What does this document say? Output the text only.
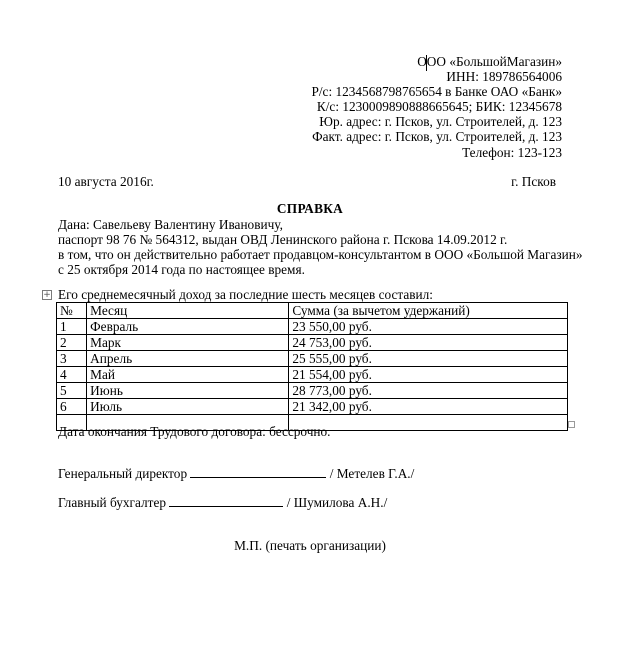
ООО «БольшойМагазин»
ИНН: 189786564006
Р/с: 1234568798765654 в Банке ОАО «Банк»
К/с: 1230009890888665645; БИК: 12345678
Юр. адрес: г. Псков, ул. Строителей, д. 123
Факт. адрес: г. Псков, ул. Строителей, д. 123
Телефон: 123-123
10 августа 2016г.	г. Псков
СПРАВКА
Дана: Савельеву Валентину Ивановичу,
паспорт 98 76 № 564312, выдан ОВД Ленинского района г. Пскова 14.09.2012 г.
в том, что он действительно работает продавцом-консультантом в ООО «Большой Магазин»
с 25 октября 2014 года по настоящее время.
+ Его среднемесячный доход за последние шесть месяцев составил:
№	Месяц	Сумма (за вычетом удержаний)
1	Февраль	23 550,00 руб.
2	Марк	24 753,00 руб.
3	Апрель	25 555,00 руб.
4	Май	21 554,00 руб.
5	Июнь	28 773,00 руб.
6	Июль	21 342,00 руб.

Дата окончания Трудового договора: бессрочно.
Генеральный директор	/ Метелев Г.А./
Главный бухгалтер	/ Шумилова А.Н./
М.П. (печать организации)
